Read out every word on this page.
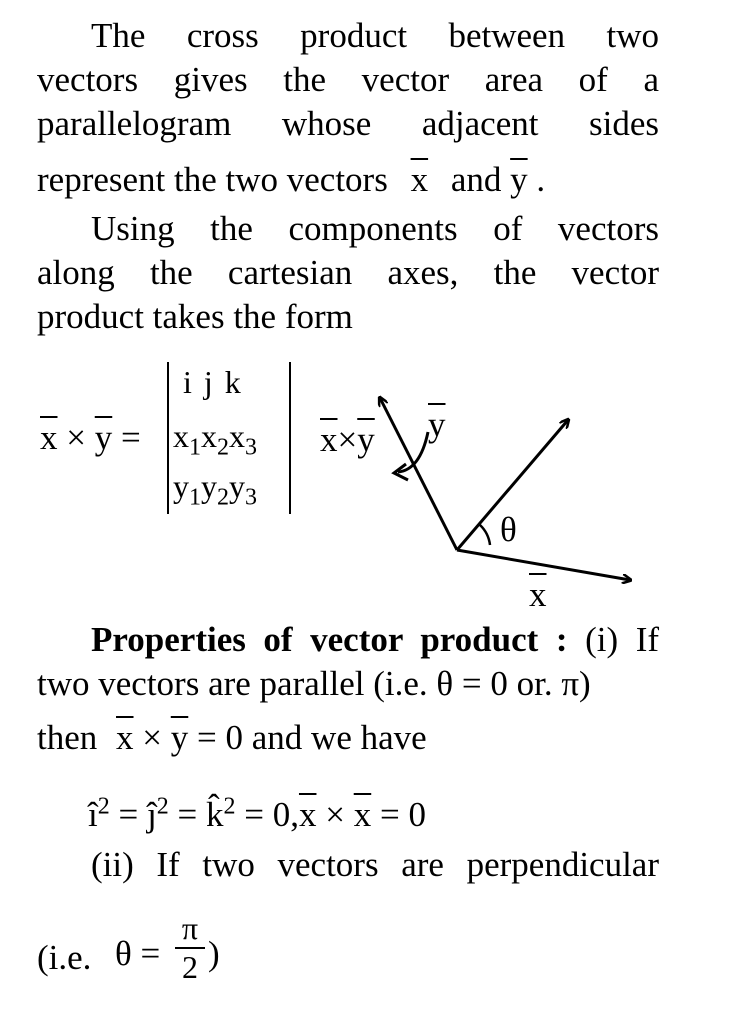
The cross product between two
vectors gives the vector area of a
parallelogram whose adjacent sides
represent the two vectors $\overline{x}$ and $\overline{y}$ .
Using the components of vectors
along the cartesian axes, the vector
product takes the form
$\overline{x} \times \overline{y}$ =
i j k
$x_1x_2x_3$
$y_1y_2y_3$
$\overline{x}\times\overline{y}$ $\overline{y}$
θ
$\overline{x}$
Properties of vector product : (i) If
two vectors are parallel (i.e. θ = 0 or. π)
then $\overline{x} \times \overline{y} = 0$ and we have
$î^2$ = $ĵ^2$ = k̂$^2$ = $0,\overline{x} \times \overline{x} = 0$
(ii) If two vectors are perpendicular
(i.e. θ =
π
2 )
